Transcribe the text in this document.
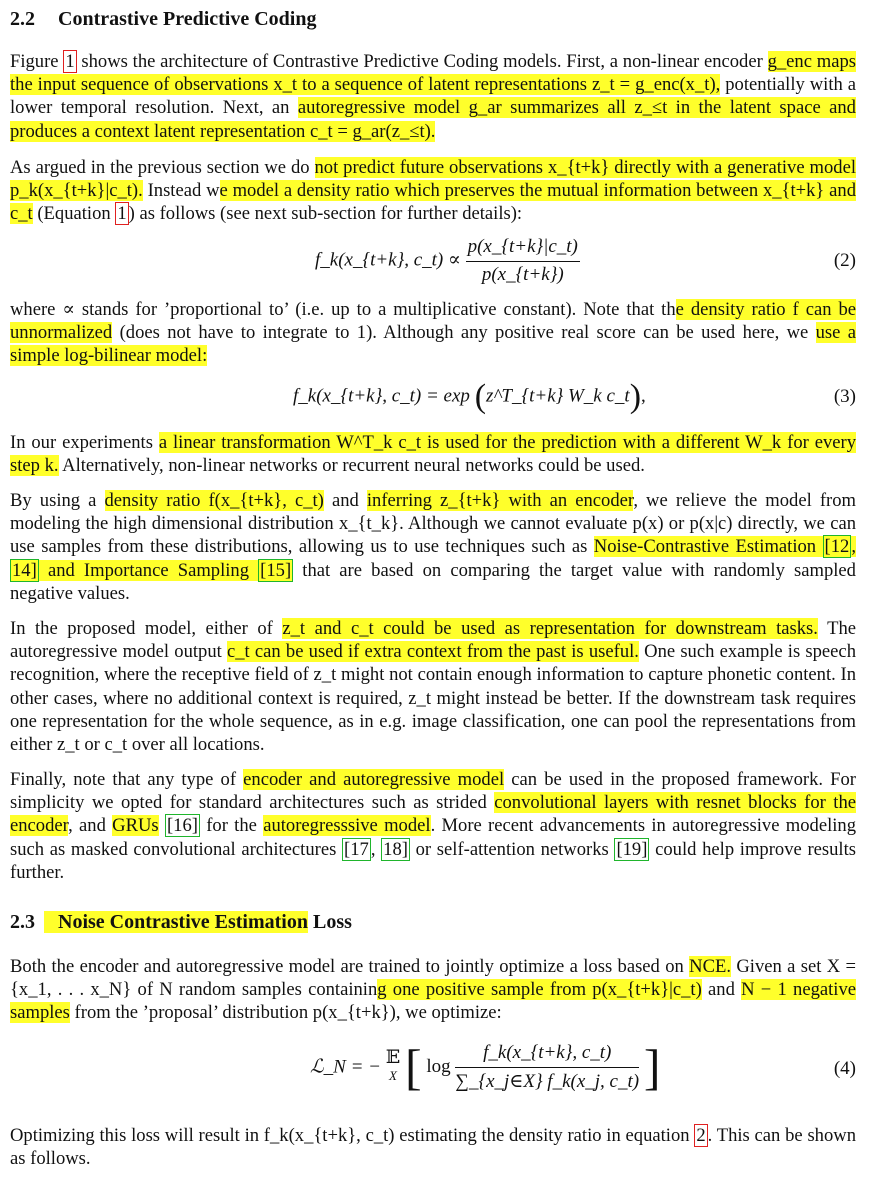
2.2 Contrastive Predictive Coding

Figure 1 shows the architecture of Contrastive Predictive Coding models. First, a non-linear encoder g_enc maps the input sequence of observations x_t to a sequence of latent representations z_t = g_enc(x_t), potentially with a lower temporal resolution. Next, an autoregressive model g_ar summarizes all z_≤t in the latent space and produces a context latent representation c_t = g_ar(z_≤t).

As argued in the previous section we do not predict future observations x_{t+k} directly with a generative model p_k(x_{t+k}|c_t). Instead we model a density ratio which preserves the mutual information between x_{t+k} and c_t (Equation 1 ) as follows (see next sub-section for further details):

f_k(x_{t+k}, c_t) ∝ $\frac{p(x\_\{t+k\}|c\_t)}{p(x\_\{t+k\})}$	(2)

where ∝ stands for ’proportional to’ (i.e. up to a multiplicative constant). Note that the density ratio f can be unnormalized (does not have to integrate to 1). Although any positive real score can be used here, we use a simple log-bilinear model:

f_k(x_{t+k}, c_t) = exp (z^T_{t+k} W_k c_t),	(3)

In our experiments a linear transformation W^T_k c_t is used for the prediction with a different W_k for every step k. Alternatively, non-linear networks or recurrent neural networks could be used.

By using a density ratio f(x_{t+k}, c_t) and inferring z_{t+k} with an encoder, we relieve the model from modeling the high dimensional distribution x_{t_k}. Although we cannot evaluate p(x) or p(x|c) directly, we can use samples from these distributions, allowing us to use techniques such as Noise-Contrastive Estimation [12 , 14] and Importance Sampling [15] that are based on comparing the target value with randomly sampled negative values.

In the proposed model, either of z_t and c_t could be used as representation for downstream tasks. The autoregressive model output c_t can be used if extra context from the past is useful. One such example is speech recognition, where the receptive field of z_t might not contain enough information to capture phonetic content. In other cases, where no additional context is required, z_t might instead be better. If the downstream task requires one representation for the whole sequence, as in e.g. image classification, one can pool the representations from either z_t or c_t over all locations.

Finally, note that any type of encoder and autoregressive model can be used in the proposed framework. For simplicity we opted for standard architectures such as strided convolutional layers with resnet blocks for the encoder, and GRUs [16] for the autoregresssive model. More recent advancements in autoregressive modeling such as masked convolutional architectures [17 , 18] or self-attention networks [19] could help improve results further.

2.3 Noise Contrastive Estimation Loss

Both the encoder and autoregressive model are trained to jointly optimize a loss based on NCE. Given a set X = {x_1, . . . x_N} of N random samples containing one positive sample from p(x_{t+k}|c_t) and N − 1 negative samples from the ’proposal’ distribution p(x_{t+k}), we optimize:

ℒ_N = − 𝔼
X [ $\log \frac{f\_k(x\_\{t+k\}, c\_t)}{\sum\_\{x\_j\in X\} f\_k(x\_j, c\_t)}$ ]	(4)

Optimizing this loss will result in f_k(x_{t+k}, c_t) estimating the density ratio in equation 2 . This can be shown as follows.
